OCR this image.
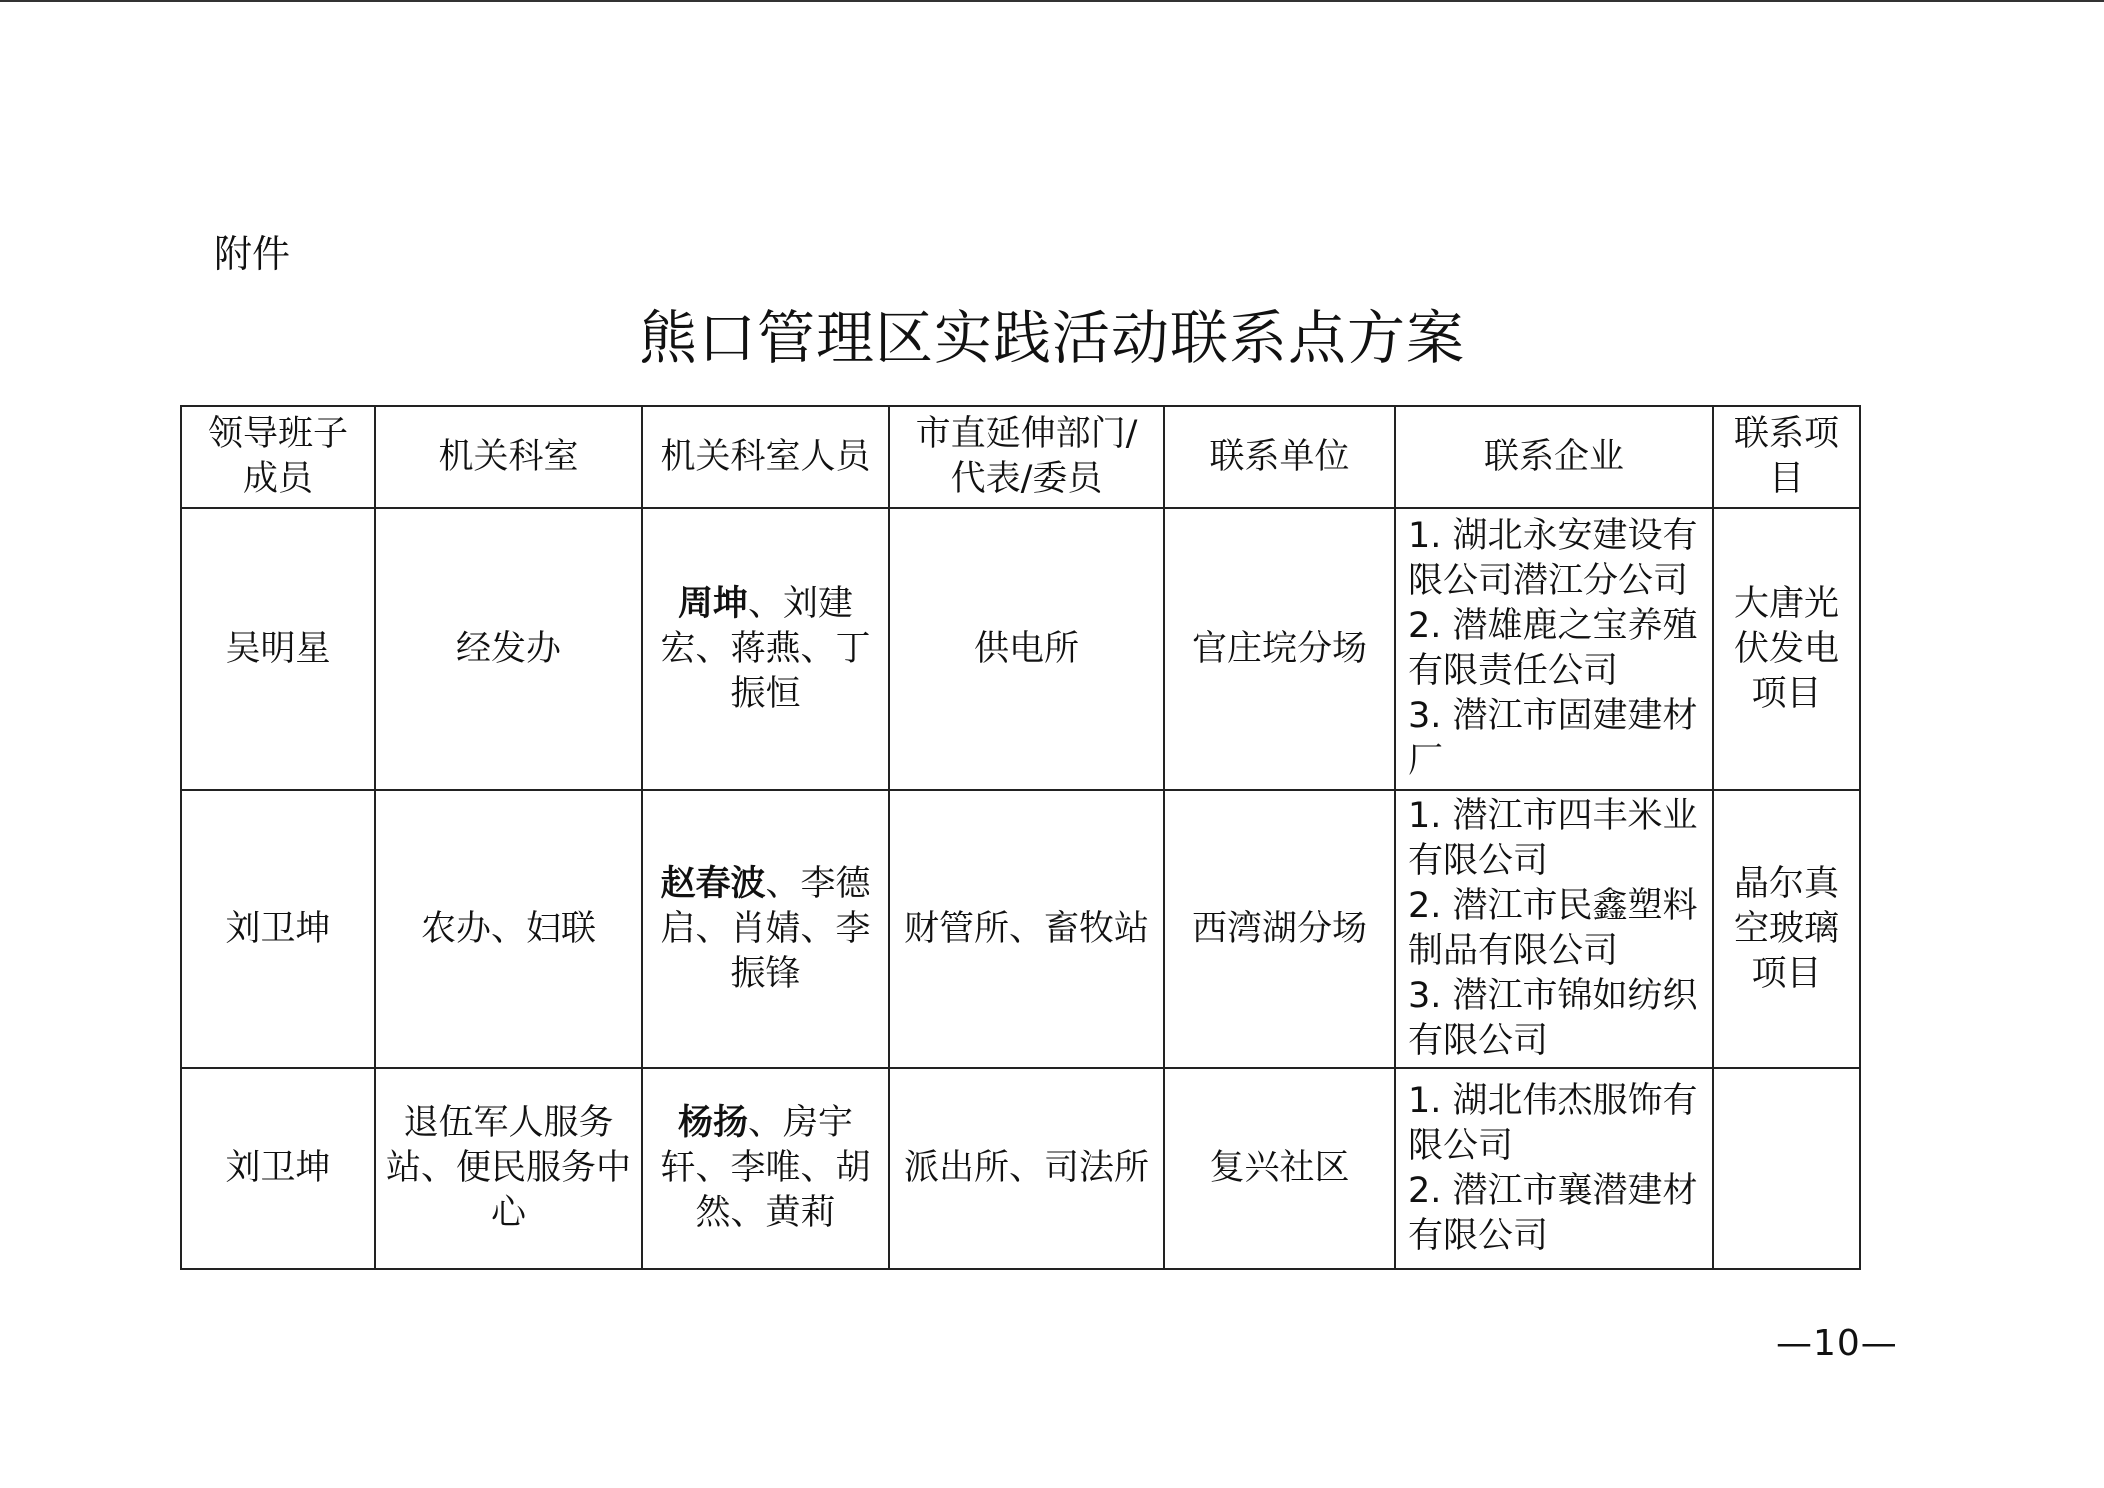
附件
熊口管理区实践活动联系点方案
领导班子成员	机关科室	机关科室人员	市直延伸部门/代表/委员	联系单位	联系企业	联系项目
吴明星	经发办	周坤、刘建宏、蒋燕、丁振恒	供电所	官庄垸分场	1. 湖北永安建设有限公司潜江分公司
2. 潜雄鹿之宝养殖有限责任公司
3. 潜江市固建建材厂	大唐光伏发电项目
刘卫坤	农办、妇联	赵春波、李德启、肖婧、李振锋	财管所、畜牧站	西湾湖分场	1. 潜江市四丰米业有限公司
2. 潜江市民鑫塑料制品有限公司
3. 潜江市锦如纺织有限公司	晶尔真空玻璃项目
刘卫坤	退伍军人服务站、便民服务中心	杨扬、房宇轩、李唯、胡然、黄莉	派出所、司法所	复兴社区	1. 湖北伟杰服饰有限公司
2. 潜江市襄潜建材有限公司	

—10—
